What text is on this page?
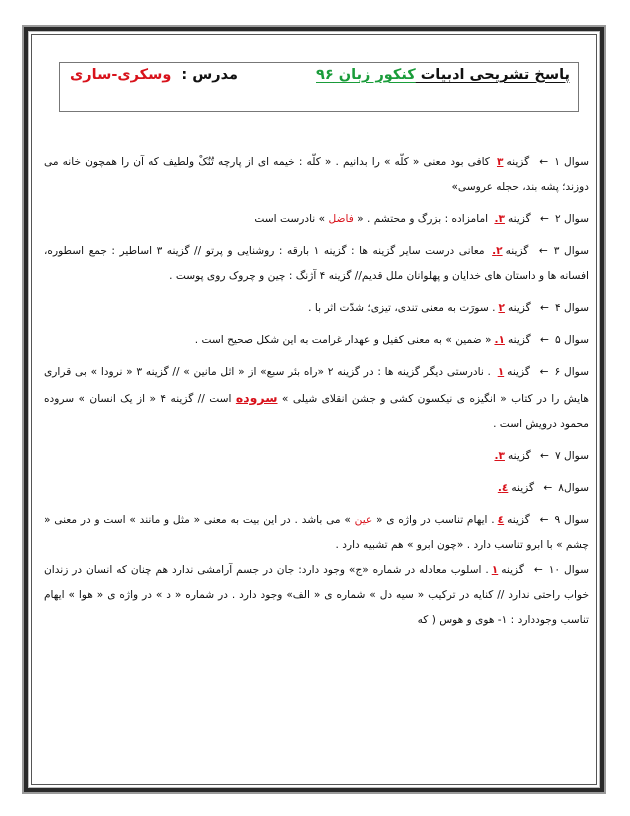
پاسخ تشریحی ادبیات کنکور زبان ۹۶
مدرس :وسکری-ساری

سوال ۱← گزینه۳ کافی بود معنی « کلّه » را بدانیم . « کلّه : خیمه ای از پارچه تُنُکْ ولطیف که آن را همچون خانه می دوزند؛ پشه بند، حجله عروسی»

سوال ۲← گزینه۳. امامزاده : بزرگ و محتشم . « فاضل » نادرست است

سوال ۳← گزینه۲. معانی درست سایر گزینه ها : گزینه ۱ بارقه : روشنایی و پرتو // گزینه ۳ اساطیر : جمع اسطوره، افسانه ها و داستان های خدایان و پهلوانان ملل قدیم// گزینه ۴ آژنگ : چین و چروک روی پوست .

سوال ۴← گزینه۲. سورَت به معنی تندی، تیزی؛ شدّت اثر با .

سوال ۵← گزینه۱.« ضمین » به معنی کفیل و عهدار غرامت به این شکل صحیح است .

سوال ۶← گزینه۱ . نادرستی دیگر گزینه ها : در گزینه ۲ «راه بئر سبع» از « اثل مانین » // گزینه ۳ « نرودا » بی قراری هایش را در کتاب « انگیزه ی نیکسون کشی و جشن انقلای شیلی » سروده است // گزینه ۴ « از یک انسان » سروده محمود درویش است .

سوال ۷← گزینه۳.

سوال۸← گزینه٤.

سوال ۹← گزینه٤. ایهام تناسب در واژه ی « عین » می باشد . در این بیت به معنی « مثل و مانند » است و در معنی « چشم » با ابرو تناسب دارد . «چون ابرو » هم تشبیه دارد .

سوال ۱۰← گزینه۱. اسلوب معادله در شماره «ج» وجود دارد: جان در جسم آرامشی ندارد هم چنان که انسان در زندان خواب راحتی ندارد // کنایه در ترکیب « سیه دل » شماره ی « الف» وجود دارد . در شماره « د » در واژه ی « هوا » ایهام تناسب وجوددارد : ۱- هوی و هوس ( که
